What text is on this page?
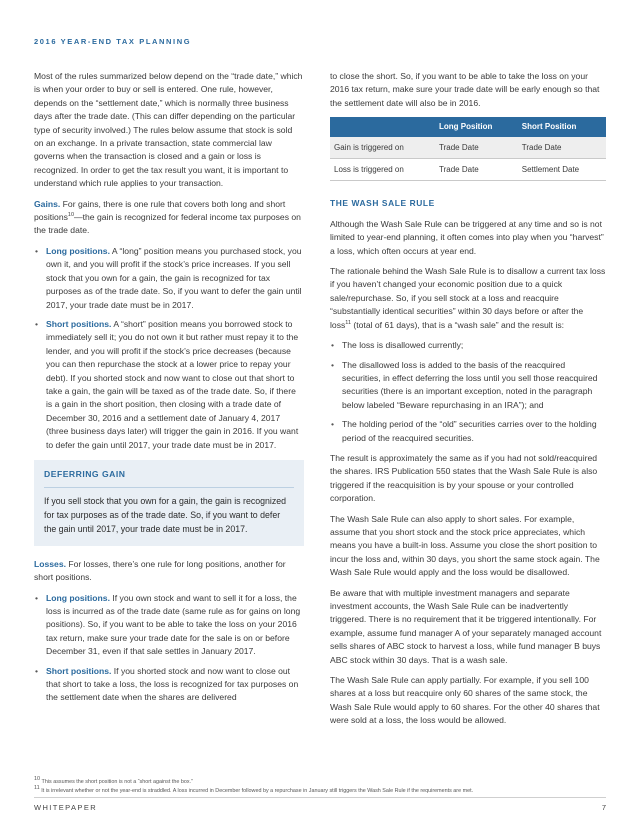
2016 YEAR-END TAX PLANNING

Most of the rules summarized below depend on the “trade date,” which is when your order to buy or sell is entered. One rule, however, depends on the “settlement date,” which is normally three business days after the trade date. (This can differ depending on the particular type of security involved.) The rules below assume that stock is sold on an exchange. In a private transaction, state commercial law governs when the transaction is closed and a gain or loss is recognized. In order to get the tax result you want, it is important to understand which rule applies to your transaction.

Gains. For gains, there is one rule that covers both long and short positions$^{10}$—the gain is recognized for federal income tax purposes on the trade date.

• Long positions. A “long” position means you purchased stock, you own it, and you will profit if the stock’s price increases. If you sell stock that you own for a gain, the gain is recognized for tax purposes as of the trade date. So, if you want to defer the gain until 2017, your trade date must be in 2017.
• Short positions. A “short” position means you borrowed stock to immediately sell it; you do not own it but rather must repay it to the lender, and you will profit if the stock’s price decreases (because you can then repurchase the stock at a lower price to repay your debt). If you shorted stock and now want to close out that short to take a gain, the gain will be taxed as of the trade date. So, if there is a gain in the short position, then closing with a trade date of December 30, 2016 and a settlement date of January 4, 2017 (three business days later) will trigger the gain in 2016. If you want to defer the gain until 2017, your trade date must be in 2017.
DEFERRING GAIN
If you sell stock that you own for a gain, the gain is recognized for tax purposes as of the trade date. So, if you want to defer the gain until 2017, your trade date must be in 2017.

Losses. For losses, there’s one rule for long positions, another for short positions.

• Long positions. If you own stock and want to sell it for a loss, the loss is incurred as of the trade date (same rule as for gains on long positions). So, if you want to be able to take the loss on your 2016 tax return, make sure your trade date for the sale is on or before December 31, even if that sale settles in January 2017.
• Short positions. If you shorted stock and now want to close out that short to take a loss, the loss is recognized for tax purposes on the settlement date when the shares are delivered

to close the short. So, if you want to be able to take the loss on your 2016 tax return, make sure your trade date will be early enough so that the settlement date will also be in 2016.

	Long Position	Short Position
Gain is triggered on	Trade Date	Trade Date
Loss is triggered on	Trade Date	Settlement Date
THE WASH SALE RULE

Although the Wash Sale Rule can be triggered at any time and so is not limited to year-end planning, it often comes into play when you “harvest” a loss, which often occurs at year end.

The rationale behind the Wash Sale Rule is to disallow a current tax loss if you haven’t changed your economic position due to a quick sale/repurchase. So, if you sell stock at a loss and reacquire “substantially identical securities” within 30 days before or after the loss$^{11}$ (total of 61 days), that is a “wash sale” and the result is:

• The loss is disallowed currently;
• The disallowed loss is added to the basis of the reacquired securities, in effect deferring the loss until you sell those reacquired securities (there is an important exception, noted in the paragraph below labeled “Beware repurchasing in an IRA”); and
• The holding period of the “old” securities carries over to the holding period of the reacquired securities.

The result is approximately the same as if you had not sold/reacquired the shares. IRS Publication 550 states that the Wash Sale Rule is also triggered if the reacquisition is by your spouse or your controlled corporation.

The Wash Sale Rule can also apply to short sales. For example, assume that you short stock and the stock price appreciates, which means you have a built-in loss. Assume you close the short position to incur the loss and, within 30 days, you short the same stock again. The Wash Sale Rule would apply and the loss would be disallowed.

Be aware that with multiple investment managers and separate investment accounts, the Wash Sale Rule can be inadvertently triggered. There is no requirement that it be triggered intentionally. For example, assume fund manager A of your separately managed account sells shares of ABC stock to harvest a loss, while fund manager B buys ABC stock within 30 days. That is a wash sale.

The Wash Sale Rule can apply partially. For example, if you sell 100 shares at a loss but reacquire only 60 shares of the same stock, the Wash Sale Rule would apply to 60 shares. For the other 40 shares that were sold at a loss, the loss would be allowed.

$^{10}$ This assumes the short position is not a “short against the box.”
$^{11}$ It is irrelevant whether or not the year-end is straddled. A loss incurred in December followed by a repurchase in January still triggers the Wash Sale Rule if the requirements are met.
WHITEPAPER	7
